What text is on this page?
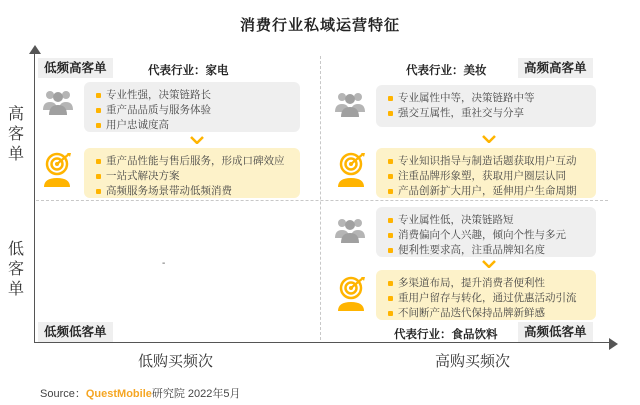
消费行业私域运营特征
高
客
单
低
客
单
低购买频次	高购买频次
低频高客单	代表行业：家电
专业性强，决策链路长
重产品品质与服务体验
用户忠诚度高
重产品性能与售后服务，形成口碑效应
一站式解决方案
高频服务场景带动低频消费
代表行业：美妆	高频高客单
专业属性中等，决策链路中等
强交互属性，重社交与分享
专业知识指导与制造话题获取用户互动
注重品牌形象塑，获取用户圈层认同
产品创新扩大用户，延伸用户生命周期
-
低频低客单
专业属性低，决策链路短
消费偏向个人兴趣，倾向个性与多元
便利性要求高，注重品牌知名度
多渠道布局，提升消费者便利性
重用户留存与转化，通过优惠活动引流
不间断产品迭代保持品牌新鲜感
代表行业：食品饮料	高频低客单
Source：QuestMobile研究院 2022年5月
